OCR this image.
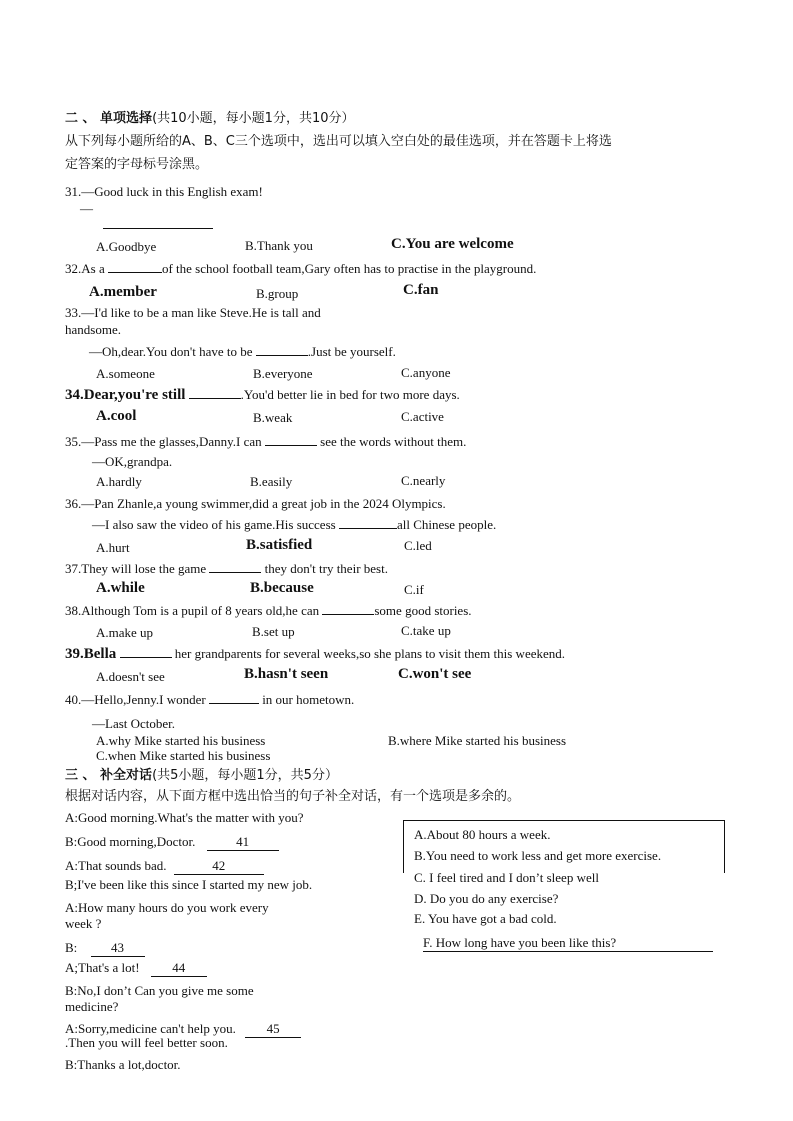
二 、 单项选择(共10小题，每小题1分，共10分）
从下列每小题所给的A、B、C三个选项中，选出可以填入空白处的最佳选项，并在答题卡上将选
定答案的字母标号涂黑。
31.—Good luck in this English exam!
—
A.Goodbye	B.Thank you	C.You are welcome
32.As a	of the school football team,Gary often has to practise in the playground.
A.member	B.group	C.fan
33.—I'd like to be a man like Steve.He is tall and
handsome.
—Oh,dear.You don't have to be	.Just be yourself.
A.someone	B.everyone	C.anyone
34.Dear,you're still	.You'd better lie in bed for two more days.
A.cool	B.weak	C.active
35.—Pass me the glasses,Danny.I can	see the words without them.
—OK,grandpa.
A.hardly	B.easily	C.nearly
36.—Pan Zhanle,a young swimmer,did a great job in the 2024 Olympics.
—I also saw the video of his game.His success	all Chinese people.
A.hurt	B.satisfied	C.led
37.They will lose the game	they don't try their best.
A.while	B.because	C.if
38.Although Tom is a pupil of 8 years old,he can	some good stories.
A.make up	B.set up	C.take up
39.Bella	her grandparents for several weeks,so she plans to visit them this weekend.
A.doesn't see	B.hasn't seen	C.won't see
40.—Hello,Jenny.I wonder	in our hometown.
—Last October.
A.why Mike started his business	B.where Mike started his business
C.when Mike started his business
三 、 补全对话(共5小题，每小题1分，共5分）
根据对话内容，从下面方框中选出恰当的句子补全对话，有一个选项是多余的。
A:Good morning.What's the matter with you?
B:Good morning,Doctor.	41
A:That sounds bad.	42
B;I've been like this since I started my new job.
A:How many hours do you work every
week ?
B:	43
A;That's a lot!	44
B:No,I don’t Can you give me some
medicine?
A:Sorry,medicine can't help you. 45
.Then you will feel better soon.
B:Thanks a lot,doctor.
A.About 80 hours a week.
B.You need to work less and get more exercise.
C. I feel tired and I don’t sleep well
D. Do you do any exercise?
E. You have got a bad cold.
F. How long have you been like this?
